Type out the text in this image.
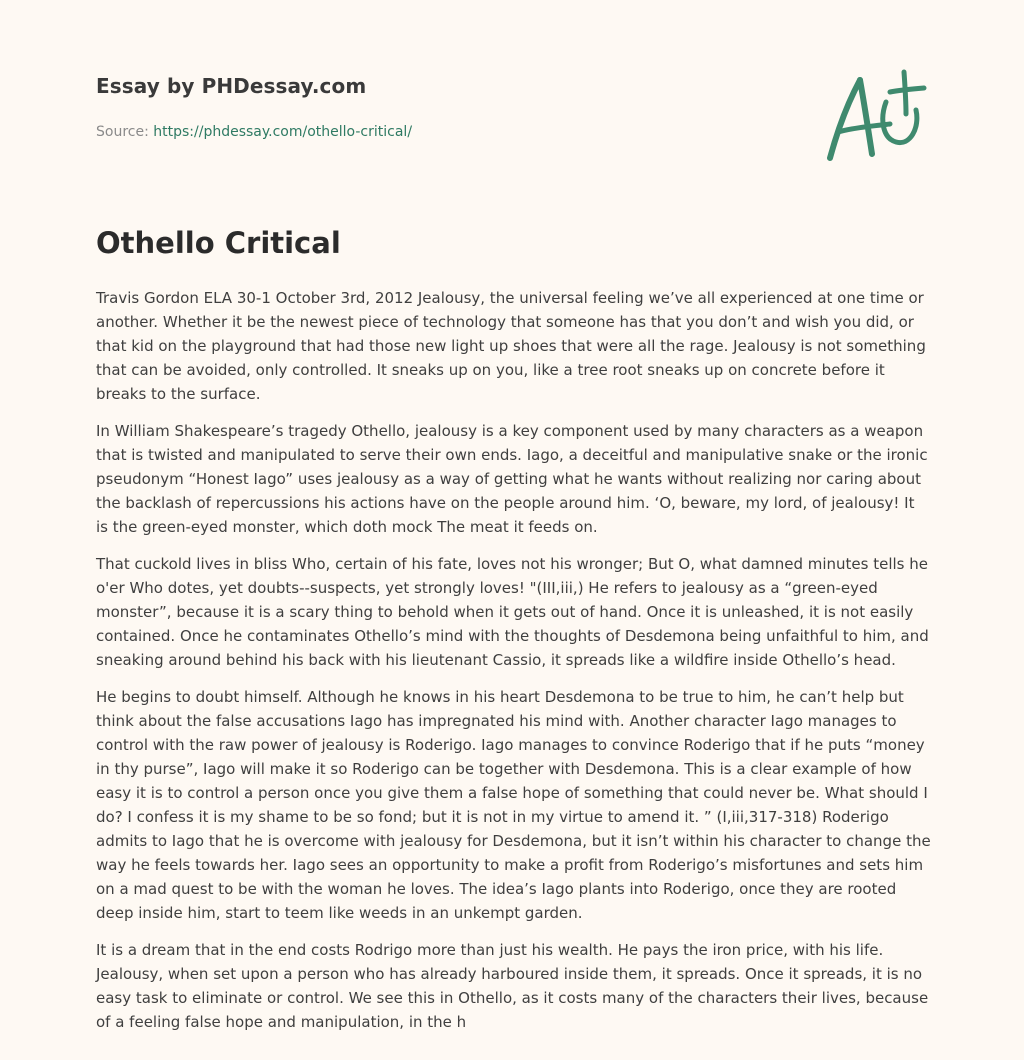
Essay by PHDessay.com
Source: https://phdessay.com/othello-critical/
Othello Critical

Travis Gordon ELA 30-1 October 3rd, 2012 Jealousy, the universal feeling we’ve all experienced at one time or another. Whether it be the newest piece of technology that someone has that you don’t and wish you did, or that kid on the playground that had those new light up shoes that were all the rage. Jealousy is not something that can be avoided, only controlled. It sneaks up on you, like a tree root sneaks up on concrete before it breaks to the surface.

In William Shakespeare’s tragedy Othello, jealousy is a key component used by many characters as a weapon that is twisted and manipulated to serve their own ends. Iago, a deceitful and manipulative snake or the ironic pseudonym “Honest Iago” uses jealousy as a way of getting what he wants without realizing nor caring about the backlash of repercussions his actions have on the people around him. ‘O, beware, my lord, of jealousy! It is the green-eyed monster, which doth mock The meat it feeds on.

That cuckold lives in bliss Who, certain of his fate, loves not his wronger; But O, what damned minutes tells he o'er Who dotes, yet doubts--suspects, yet strongly loves! "(III,iii,) He refers to jealousy as a “green-eyed monster”, because it is a scary thing to behold when it gets out of hand. Once it is unleashed, it is not easily contained. Once he contaminates Othello’s mind with the thoughts of Desdemona being unfaithful to him, and sneaking around behind his back with his lieutenant Cassio, it spreads like a wildfire inside Othello’s head.

He begins to doubt himself. Although he knows in his heart Desdemona to be true to him, he can’t help but think about the false accusations Iago has impregnated his mind with. Another character Iago manages to control with the raw power of jealousy is Roderigo. Iago manages to convince Roderigo that if he puts “money in thy purse”, Iago will make it so Roderigo can be together with Desdemona. This is a clear example of how easy it is to control a person once you give them a false hope of something that could never be. What should I do? I confess it is my shame to be so fond; but it is not in my virtue to amend it. ” (I,iii,317-318) Roderigo admits to Iago that he is overcome with jealousy for Desdemona, but it isn’t within his character to change the way he feels towards her. Iago sees an opportunity to make a profit from Roderigo’s misfortunes and sets him on a mad quest to be with the woman he loves. The idea’s Iago plants into Roderigo, once they are rooted deep inside him, start to teem like weeds in an unkempt garden.

It is a dream that in the end costs Rodrigo more than just his wealth. He pays the iron price, with his life. Jealousy, when set upon a person who has already harboured inside them, it spreads. Once it spreads, it is no easy task to eliminate or control. We see this in Othello, as it costs many of the characters their lives, because of a feeling false hope and manipulation, in the h
